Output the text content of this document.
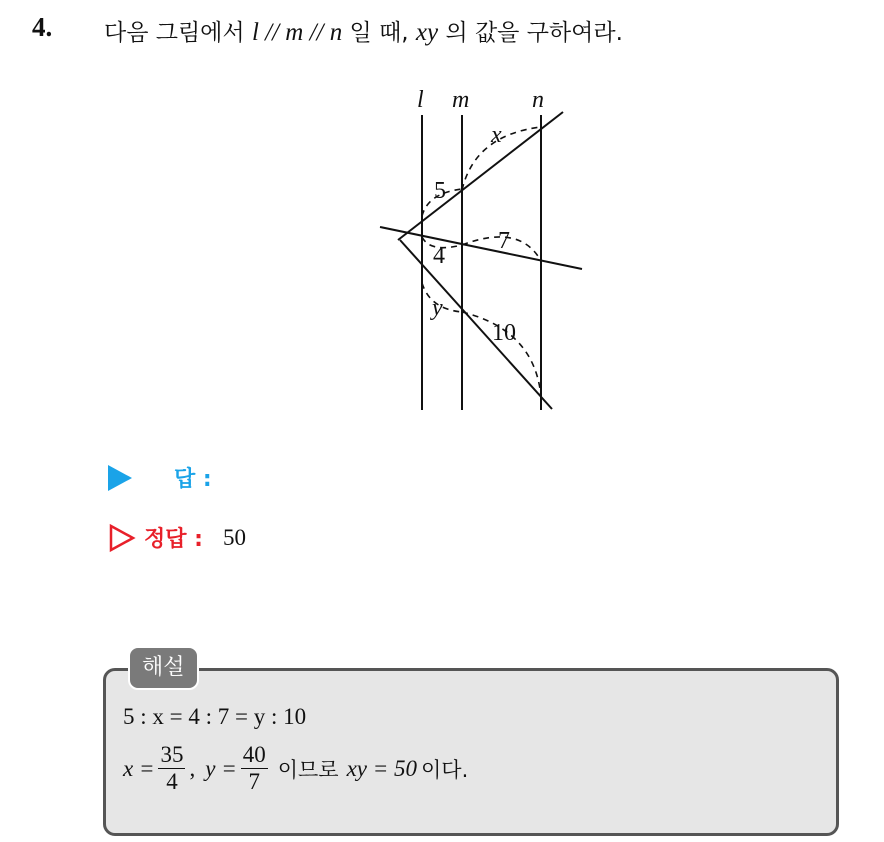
4. 다음 그림에서 l // m // n 일 때, xy 의 값을 구하여라.
l m	n
x
5
7
4
y
10
답 :
정답 : 50
해설
5 : x = 4 : 7 = y : 10
$x = \frac{35}{4}$ , $y = \frac{40}{7}$ 이므로 xy = 50 이다.
